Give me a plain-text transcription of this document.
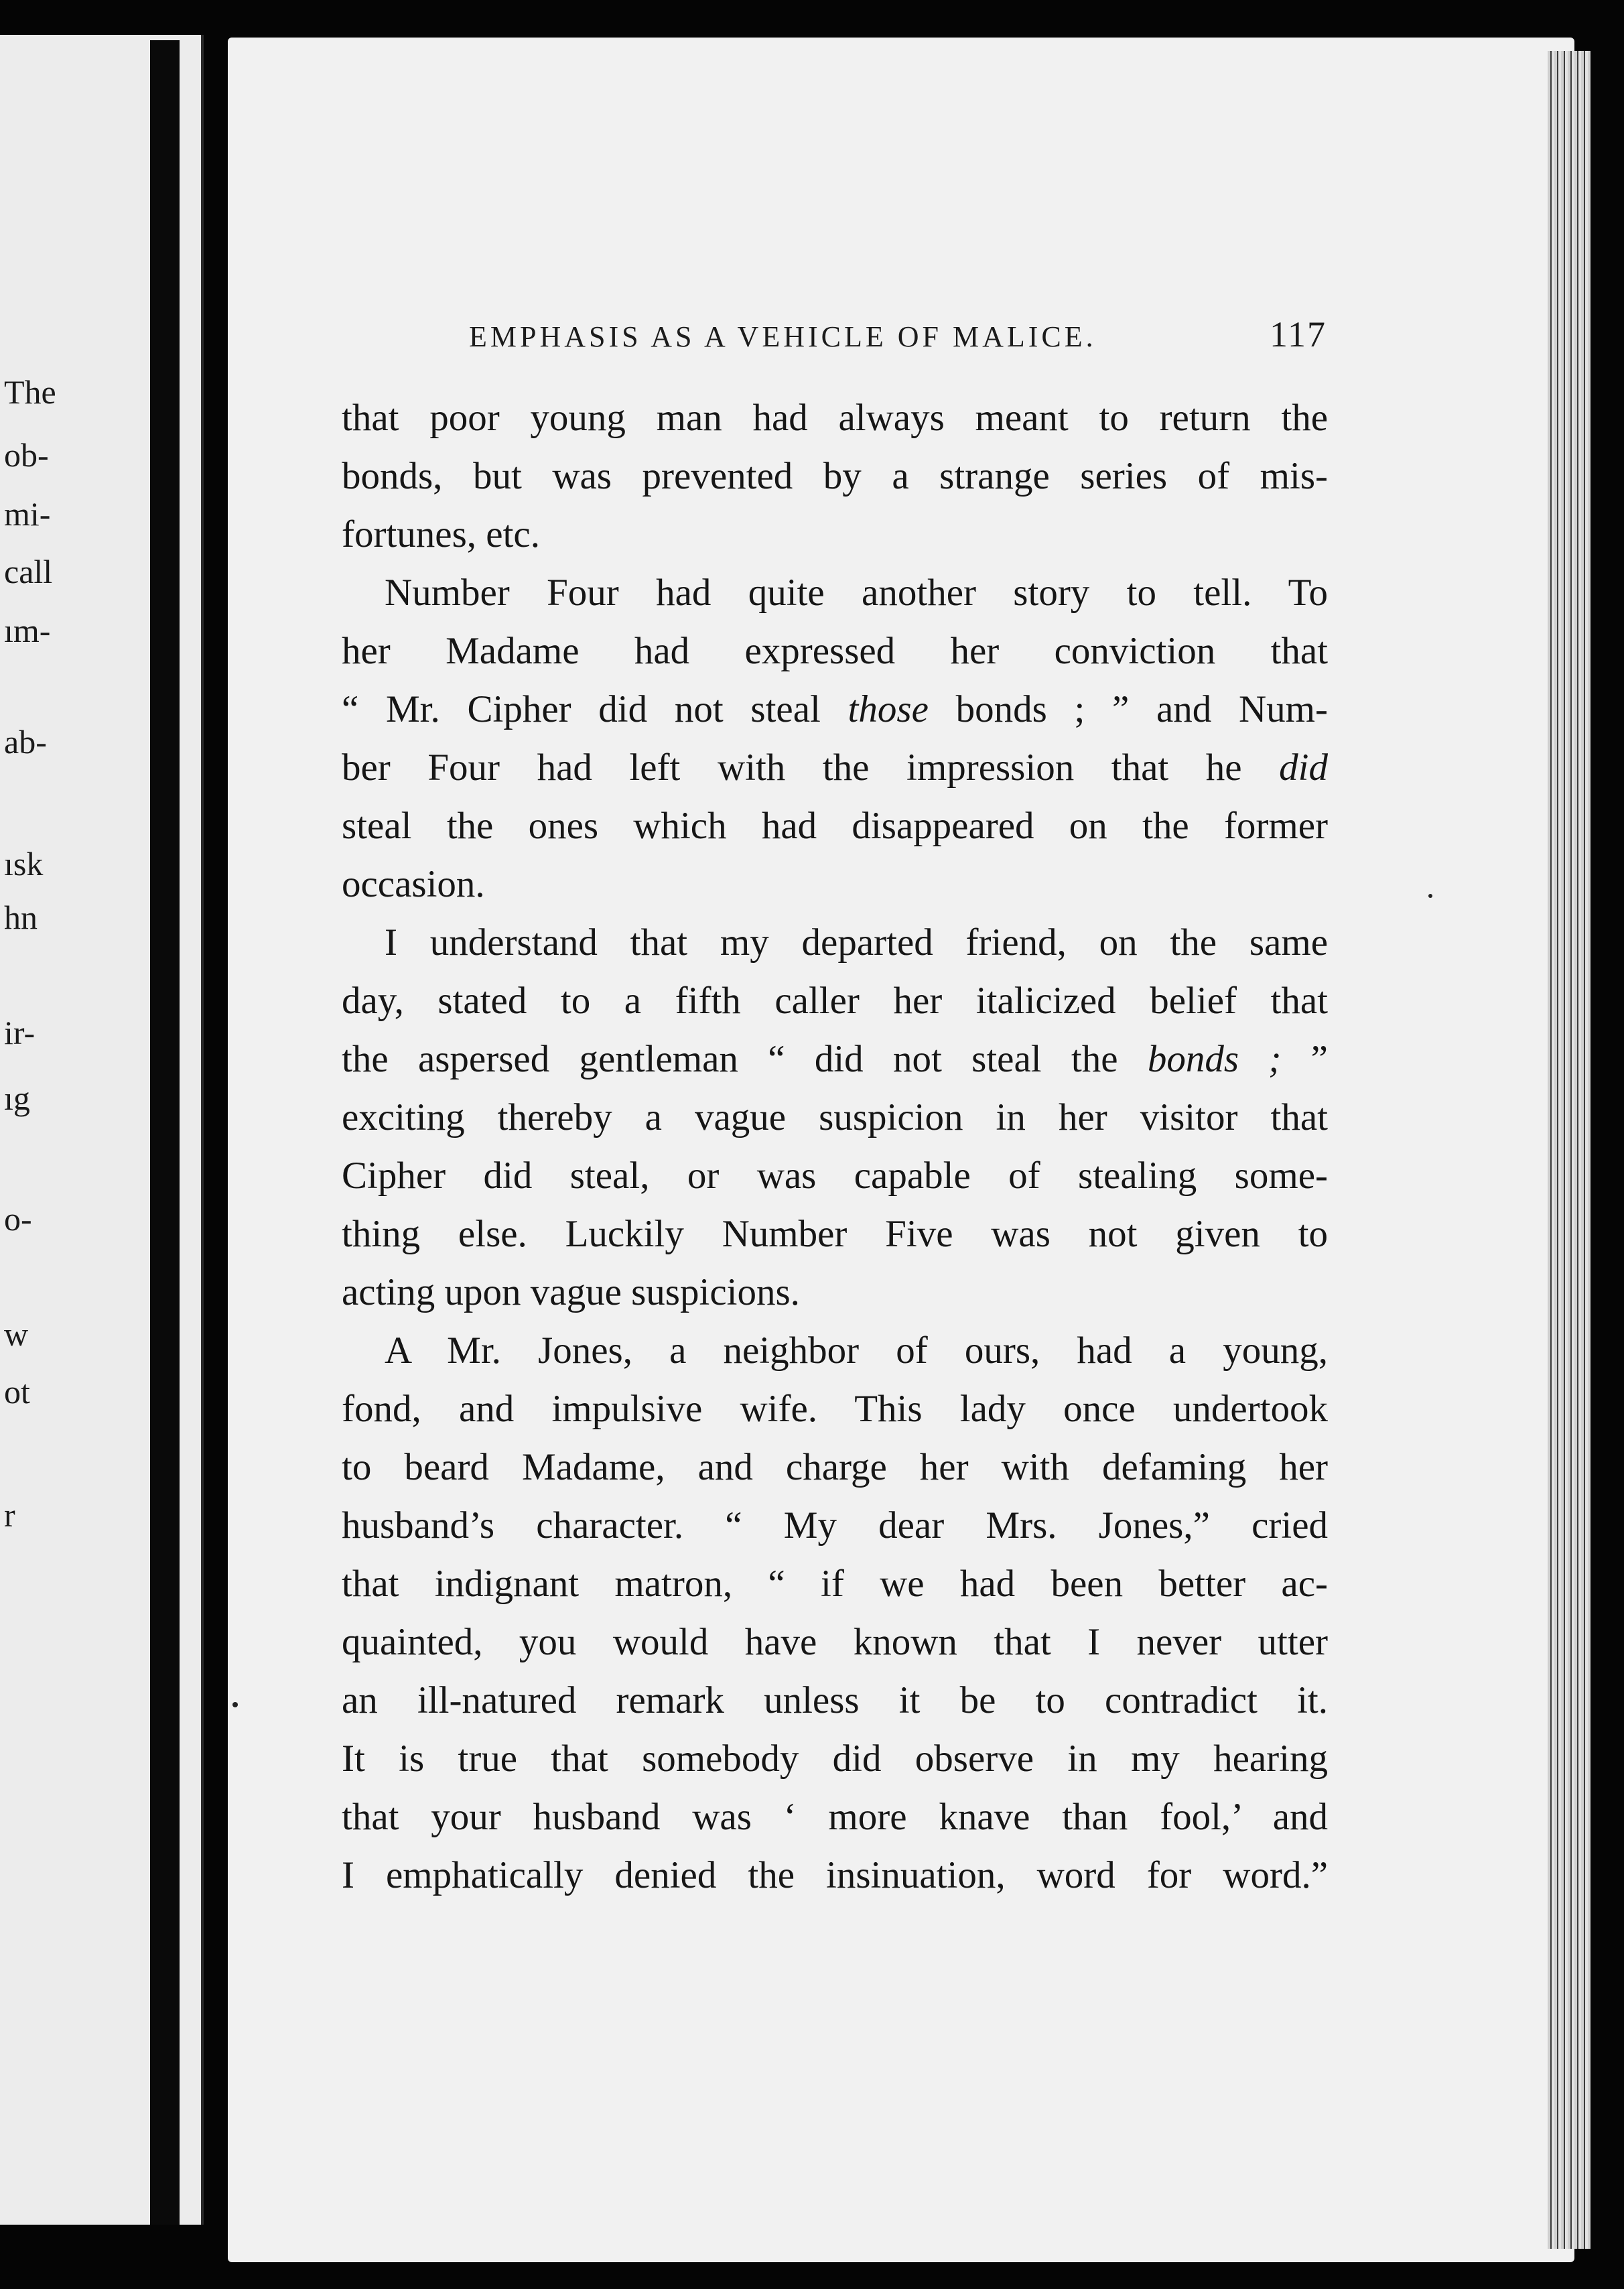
The
ob-
mi-
call
ım-
ab-
ısk
hn
ir-
ıg
o-
w
ot
r
EMPHASIS AS A VEHICLE OF MALICE.	117
that poor young man had always meant to return the
bonds, but was prevented by a strange series of mis-
fortunes, etc.
Number Four had quite another story to tell. To
her Madame had expressed her conviction that
“ Mr. Cipher did not steal those bonds ; ” and Num-
ber Four had left with the impression that he did
steal the ones which had disappeared on the former
occasion.
I understand that my departed friend, on the same
day, stated to a fifth caller her italicized belief that
the aspersed gentleman “ did not steal the bonds ; ”
exciting thereby a vague suspicion in her visitor that
Cipher did steal, or was capable of stealing some-
thing else. Luckily Number Five was not given to
acting upon vague suspicions.
A Mr. Jones, a neighbor of ours, had a young,
fond, and impulsive wife. This lady once undertook
to beard Madame, and charge her with defaming her
husband’s character. “ My dear Mrs. Jones,” cried
that indignant matron, “ if we had been better ac-
quainted, you would have known that I never utter
an ill-natured remark unless it be to contradict it.
It is true that somebody did observe in my hearing
that your husband was ‘ more knave than fool,’ and
I emphatically denied the insinuation, word for word.”
